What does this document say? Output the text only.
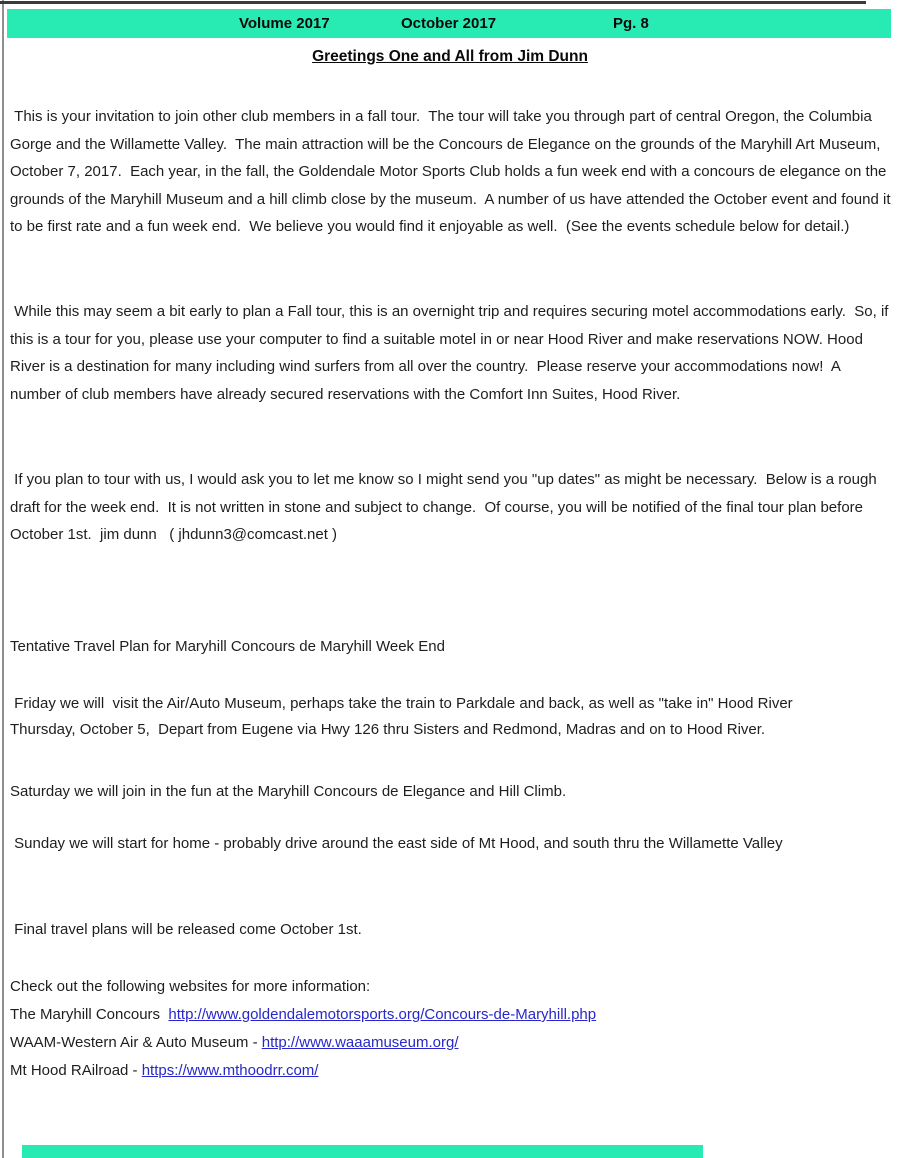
Volume 2017	October 2017	Pg. 8
Greetings One and All from Jim Dunn
This is your invitation to join other club members in a fall tour.  The tour will take you through part of central Oregon, the Columbia Gorge and the Willamette Valley.  The main attraction will be the Concours de Elegance on the grounds of the Maryhill Art Museum, October 7, 2017.  Each year, in the fall, the Goldendale Motor Sports Club holds a fun week end with a concours de elegance on the grounds of the Maryhill Museum and a hill climb close by the museum.  A number of us have attended the October event and found it to be first rate and a fun week end.  We believe you would find it enjoyable as well.  (See the events schedule below for detail.)
While this may seem a bit early to plan a Fall tour, this is an overnight trip and requires securing motel accommodations early.  So, if this is a tour for you, please use your computer to find a suitable motel in or near Hood River and make reservations NOW. Hood River is a destination for many including wind surfers from all over the country.  Please reserve your accommodations now!  A number of club members have already secured reservations with the Comfort Inn Suites, Hood River.
If you plan to tour with us, I would ask you to let me know so I might send you "up dates" as might be necessary.  Below is a rough draft for the week end.  It is not written in stone and subject to change.  Of course, you will be notified of the final tour plan before October 1st.  jim dunn   ( jhdunn3@comcast.net )

Tentative Travel Plan for Maryhill Concours de Maryhill Week End

Thursday, October 5,  Depart from Eugene via Hwy 126 thru Sisters and Redmond, Madras and on to Hood River.

Friday we will  visit the Air/Auto Museum, perhaps take the train to Parkdale and back, as well as "take in" Hood River
Saturday we will join in the fun at the Maryhill Concours de Elegance and Hill Climb.
Sunday we will start for home - probably drive around the east side of Mt Hood, and south thru the Willamette Valley
Final travel plans will be released come October 1st.
Check out the following websites for more information:
The Maryhill Concours  http://www.goldendalemotorsports.org/Concours-de-Maryhill.php
WAAM-Western Air & Auto Museum - http://www.waaamuseum.org/
Mt Hood RAilroad - https://www.mthoodrr.com/
